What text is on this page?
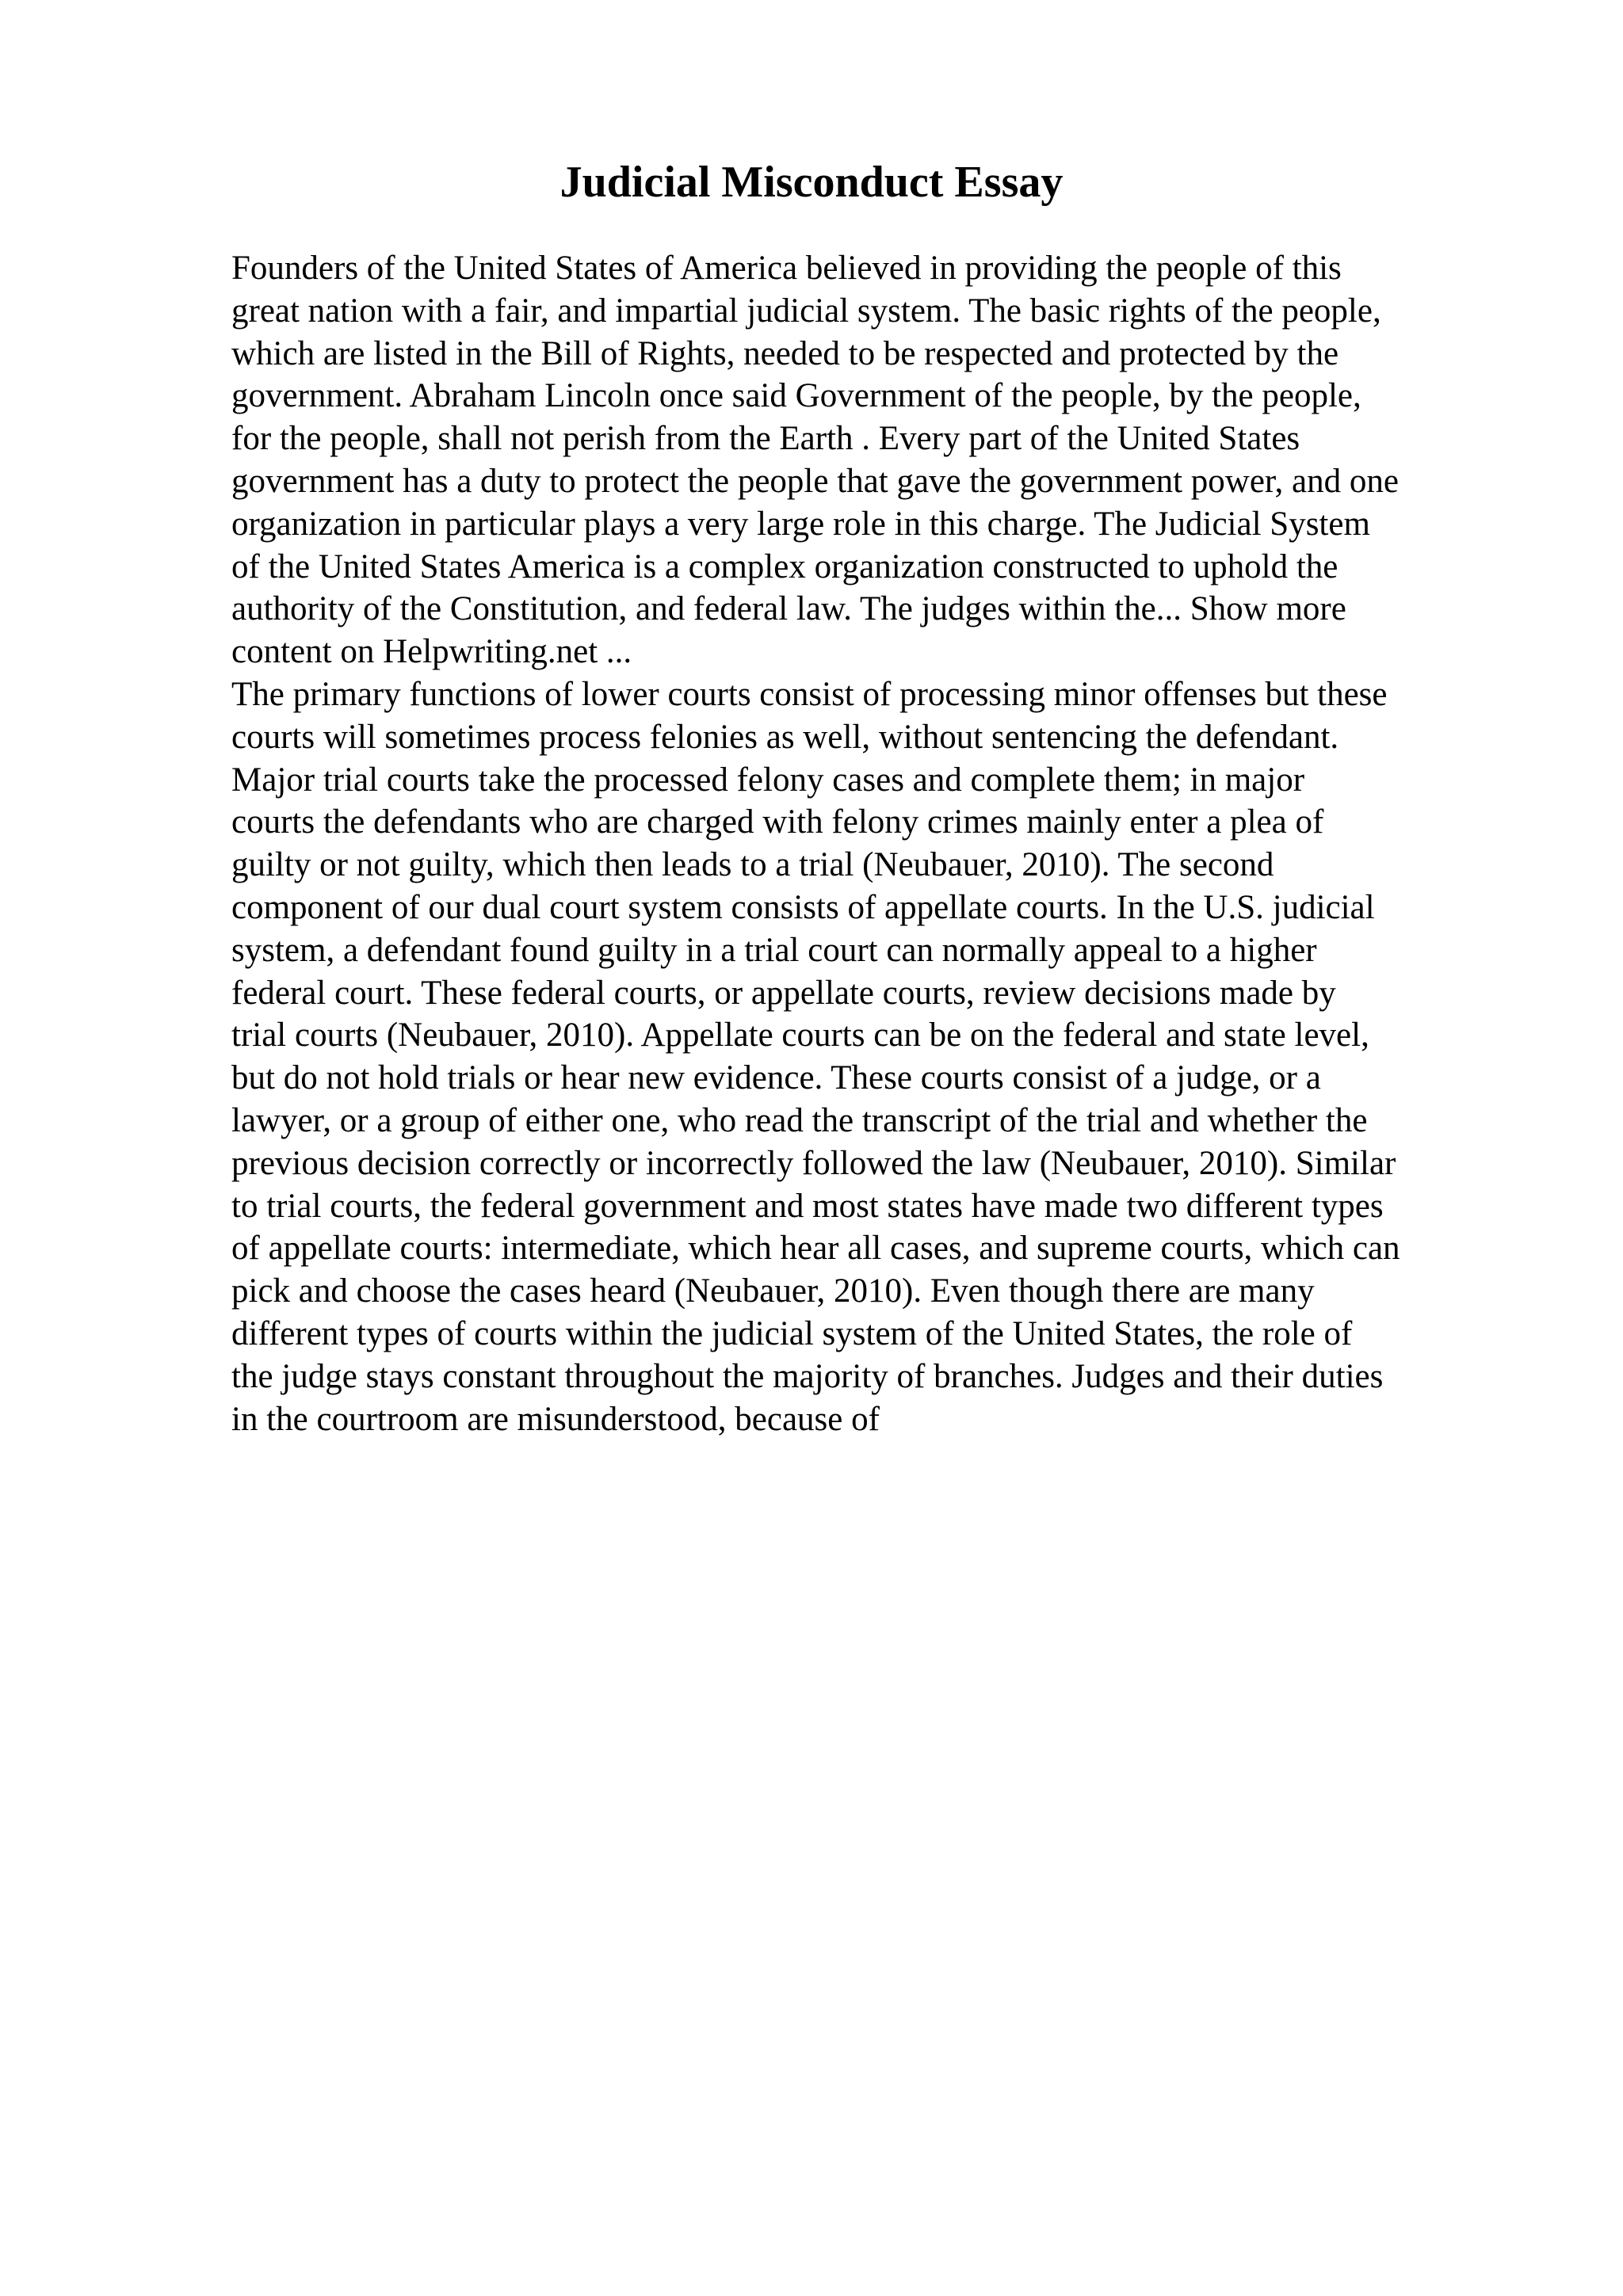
Judicial Misconduct Essay
Founders of the United States of America believed in providing the people of this
great nation with a fair, and impartial judicial system. The basic rights of the people,
which are listed in the Bill of Rights, needed to be respected and protected by the
government. Abraham Lincoln once said Government of the people, by the people,
for the people, shall not perish from the Earth . Every part of the United States
government has a duty to protect the people that gave the government power, and one
organization in particular plays a very large role in this charge. The Judicial System
of the United States America is a complex organization constructed to uphold the
authority of the Constitution, and federal law. The judges within the... Show more
content on Helpwriting.net ...
The primary functions of lower courts consist of processing minor offenses but these
courts will sometimes process felonies as well, without sentencing the defendant.
Major trial courts take the processed felony cases and complete them; in major
courts the defendants who are charged with felony crimes mainly enter a plea of
guilty or not guilty, which then leads to a trial (Neubauer, 2010). The second
component of our dual court system consists of appellate courts. In the U.S. judicial
system, a defendant found guilty in a trial court can normally appeal to a higher
federal court. These federal courts, or appellate courts, review decisions made by
trial courts (Neubauer, 2010). Appellate courts can be on the federal and state level,
but do not hold trials or hear new evidence. These courts consist of a judge, or a
lawyer, or a group of either one, who read the transcript of the trial and whether the
previous decision correctly or incorrectly followed the law (Neubauer, 2010). Similar
to trial courts, the federal government and most states have made two different types
of appellate courts: intermediate, which hear all cases, and supreme courts, which can
pick and choose the cases heard (Neubauer, 2010). Even though there are many
different types of courts within the judicial system of the United States, the role of
the judge stays constant throughout the majority of branches. Judges and their duties
in the courtroom are misunderstood, because of
